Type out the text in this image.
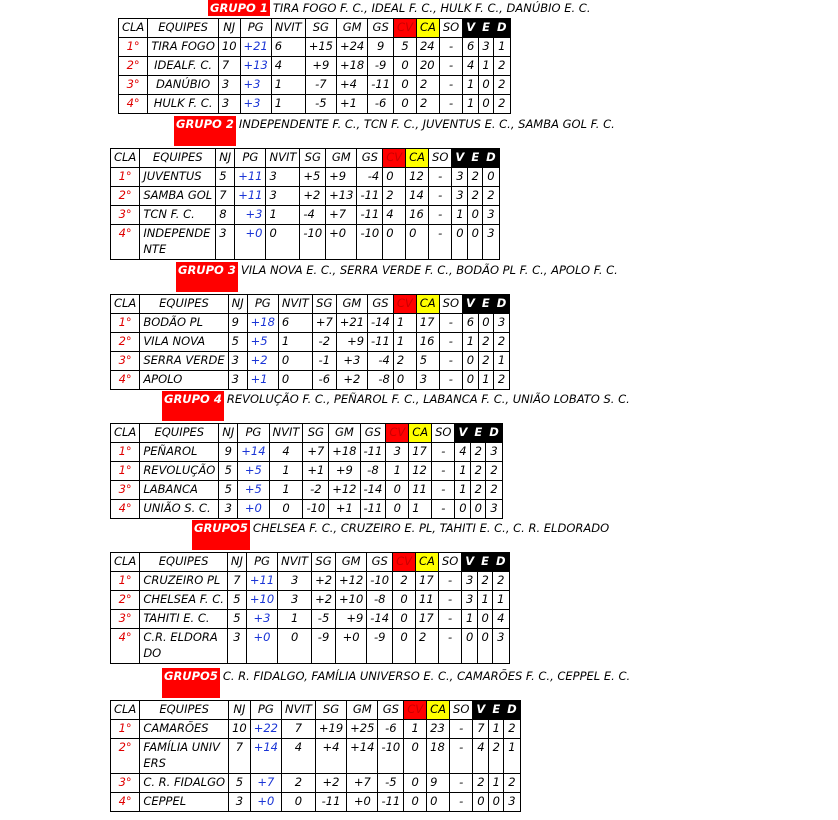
GRUPO 1 TIRA FOGO F. C., IDEAL F. C., HULK F. C., DANÚBIO E. C.
CLA	EQUIPES	NJ	PG	NVIT	SG	GM	GS	CV	CA	SO	V	E	D
1°	TIRA FOGO	10	+21	6	+15	+24	9	5	24	-	6	3	1
2°	IDEALF. C.	7	+13	4	+9	+18	-9	0	20	-	4	1	2
3°	DANÚBIO	3	+3	1	-7	+4	-11	0	2	-	1	0	2
4°	HULK F. C.	3	+3	1	-5	+1	-6	0	2	-	1	0	2
GRUPO 2 INDEPENDENTE F. C., TCN F. C., JUVENTUS E. C., SAMBA GOL F. C.
CLA	EQUIPES	NJ	PG	NVIT	SG	GM	GS	CV	CA	SO	V	E	D
1°	JUVENTUS	5	+11	3	+5	+9	-4	0	12	-	3	2	0
2°	SAMBA GOL	7	+11	3	+2	+13	-11	2	14	-	3	2	2
3°	TCN F. C.	8	+3	1	-4	+7	-11	4	16	-	1	0	3
4°	INDEPENDENTE	3	+0	0	-10	+0	-10	0	0	-	0	0	3
GRUPO 3 VILA NOVA E. C., SERRA VERDE F. C., BODÃO PL F. C., APOLO F. C.
CLA	EQUIPES	NJ	PG	NVIT	SG	GM	GS	CV	CA	SO	V	E	D
1°	BODÃO PL	9	+18	6	+7	+21	-14	1	17	-	6	0	3
2°	VILA NOVA	5	+5	1	-2	+9	-11	1	16	-	1	2	2
3°	SERRA VERDE	3	+2	0	-1	+3	-4	2	5	-	0	2	1
4°	APOLO	3	+1	0	-6	+2	-8	0	3	-	0	1	2
GRUPO 4 REVOLUÇÃO F. C., PEÑAROL F. C., LABANCA F. C., UNIÃO LOBATO S. C.
CLA	EQUIPES	NJ	PG	NVIT	SG	GM	GS	CV	CA	SO	V	E	D
1°	PEÑAROL	9	+14	4	+7	+18	-11	3	17	-	4	2	3
1°	REVOLUÇÃO	5	+5	1	+1	+9	-8	1	12	-	1	2	2
3°	LABANCA	5	+5	1	-2	+12	-14	0	11	-	1	2	2
4°	UNIÃO S. C.	3	+0	0	-10	+1	-11	0	1	-	0	0	3
GRUPO5 CHELSEA F. C., CRUZEIRO E. PL, TAHITI E. C., C. R. ELDORADO
CLA	EQUIPES	NJ	PG	NVIT	SG	GM	GS	CV	CA	SO	V	E	D
1°	CRUZEIRO PL	7	+11	3	+2	+12	-10	2	17	-	3	2	2
2°	CHELSEA F. C.	5	+10	3	+2	+10	-8	0	11	-	3	1	1
3°	TAHITI E. C.	5	+3	1	-5	+9	-14	0	17	-	1	0	4
4°	C.R. ELDORADO	3	+0	0	-9	+0	-9	0	2	-	0	0	3
GRUPO5 C. R. FIDALGO, FAMÍLIA UNIVERSO E. C., CAMARÕES F. C., CEPPEL E. C.
CLA	EQUIPES	NJ	PG	NVIT	SG	GM	GS	CV	CA	SO	V	E	D
1°	CAMARÕES	10	+22	7	+19	+25	-6	1	23	-	7	1	2
2°	FAMÍLIA UNIVERS	7	+14	4	+4	+14	-10	0	18	-	4	2	1
3°	C. R. FIDALGO	5	+7	2	+2	+7	-5	0	9	-	2	1	2
4°	CEPPEL	3	+0	0	-11	+0	-11	0	0	-	0	0	3
